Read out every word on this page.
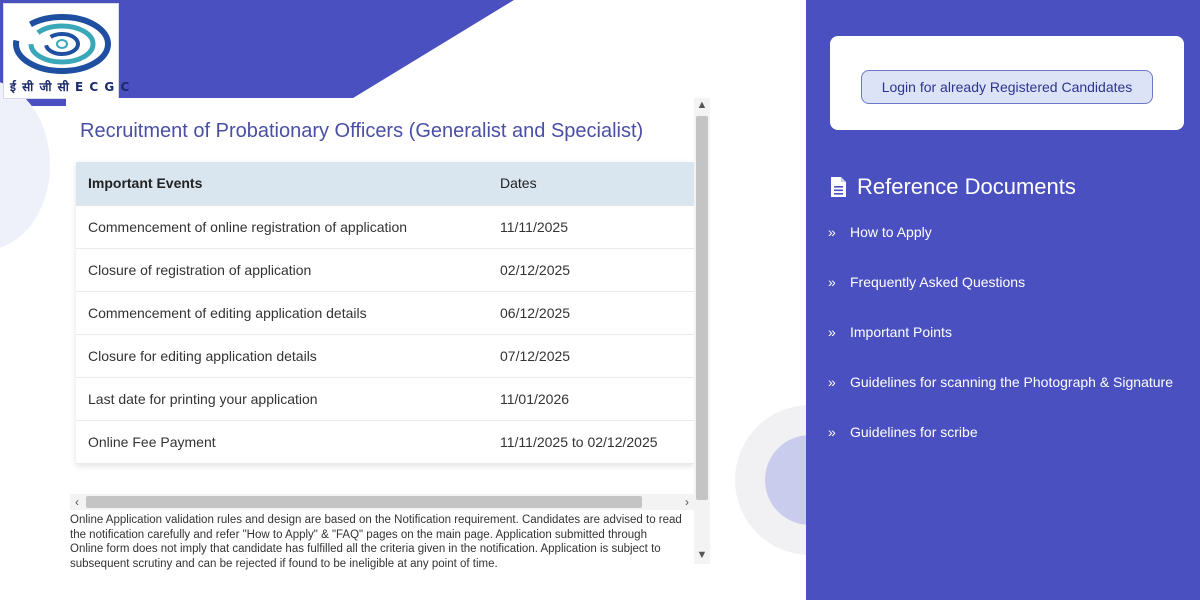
ई सी जी सी E C G C
Recruitment of Probationary Officers (Generalist and Specialist)
Important Events	Dates
Commencement of online registration of application	11/11/2025
Closure of registration of application	02/12/2025
Commencement of editing application details	06/12/2025
Closure for editing application details	07/12/2025
Last date for printing your application	11/01/2026
Online Fee Payment	11/11/2025 to 02/12/2025
▲
▼
‹	›
Online Application validation rules and design are based on the Notification requirement. Candidates are advised to read the notification carefully and refer "How to Apply" & "FAQ" pages on the main page. Application submitted through Online form does not imply that candidate has fulfilled all the criteria given in the notification. Application is subject to subsequent scrutiny and can be rejected if found to be ineligible at any point of time.
Login for already Registered Candidates
Reference Documents
»	How to Apply
»	Frequently Asked Questions
»	Important Points
»	Guidelines for scanning the Photograph & Signature
»	Guidelines for scribe
